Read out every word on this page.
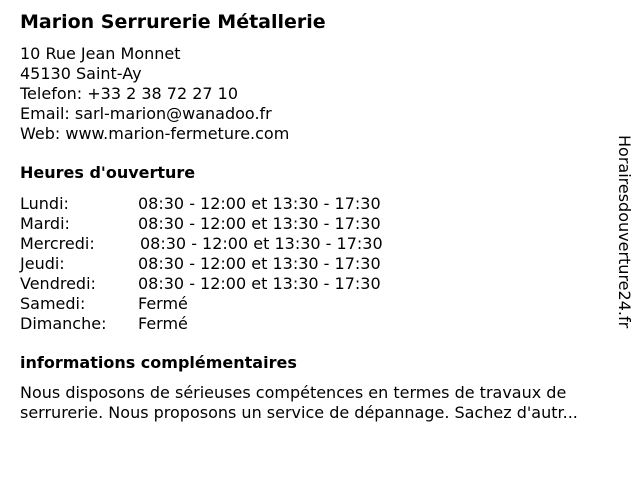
Marion Serrurerie Métallerie
10 Rue Jean Monnet
45130 Saint-Ay
Telefon: +33 2 38 72 27 10
Email: sarl-marion@wanadoo.fr
Web: www.marion-fermeture.com
Heures d'ouverture
Lundi:	08:30 - 12:00 et 13:30 - 17:30
Mardi:	08:30 - 12:00 et 13:30 - 17:30
Mercredi:	08:30 - 12:00 et 13:30 - 17:30
Jeudi:	08:30 - 12:00 et 13:30 - 17:30
Vendredi:	08:30 - 12:00 et 13:30 - 17:30
Samedi:	Fermé
Dimanche: Fermé
informations complémentaires
Nous disposons de sérieuses compétences en termes de travaux de
serrurerie. Nous proposons un service de dépannage. Sachez d'autr...
Horairesdouverture24.fr
